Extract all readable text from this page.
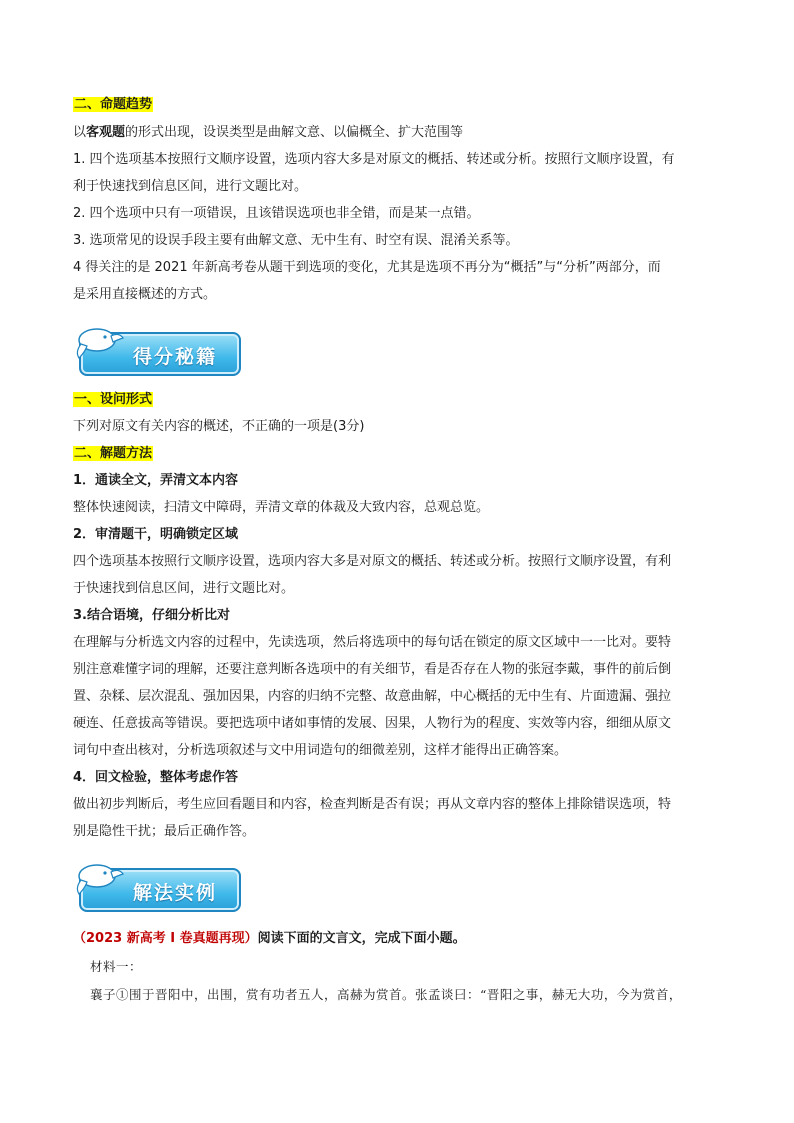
二、命题趋势
以客观题的形式出现，设误类型是曲解文意、以偏概全、扩大范围等
1. 四个选项基本按照行文顺序设置，选项内容大多是对原文的概括、转述或分析。按照行文顺序设置，有
利于快速找到信息区间，进行文题比对。
2. 四个选项中只有一项错误，且该错误选项也非全错，而是某一点错。
3. 选项常见的设误手段主要有曲解文意、无中生有、时空有误、混淆关系等。
4 得关注的是 2021 年新高考卷从题干到选项的变化，尤其是选项不再分为“概括”与“分析”两部分，而
是采用直接概述的方式。
得分秘籍
一、设问形式
下列对原文有关内容的概述，不正确的一项是(3分)
二、解题方法
1．通读全文，弄清文本内容
整体快速阅读，扫清文中障碍，弄清文章的体裁及大致内容，总观总览。
2．审清题干，明确锁定区域
四个选项基本按照行文顺序设置，选项内容大多是对原文的概括、转述或分析。按照行文顺序设置，有利
于快速找到信息区间，进行文题比对。
3.结合语境，仔细分析比对
在理解与分析选文内容的过程中，先读选项，然后将选项中的每句话在锁定的原文区域中一一比对。要特
别注意难懂字词的理解，还要注意判断各选项中的有关细节，看是否存在人物的张冠李戴，事件的前后倒
置、杂糅、层次混乱、强加因果，内容的归纳不完整、故意曲解，中心概括的无中生有、片面遗漏、强拉
硬连、任意拔高等错误。要把选项中诸如事情的发展、因果，人物行为的程度、实效等内容，细细从原文
词句中查出核对，分析选项叙述与文中用词造句的细微差别，这样才能得出正确答案。
4．回文检验，整体考虑作答
做出初步判断后，考生应回看题目和内容，检查判断是否有误；再从文章内容的整体上排除错误选项，特
别是隐性干扰；最后正确作答。
解法实例
（2023 新高考 I 卷真题再现）阅读下面的文言文，完成下面小题。
材料一：
襄子①围于晋阳中，出围，赏有功者五人，高赫为赏首。张孟谈曰：“晋阳之事，赫无大功，今为赏首，
